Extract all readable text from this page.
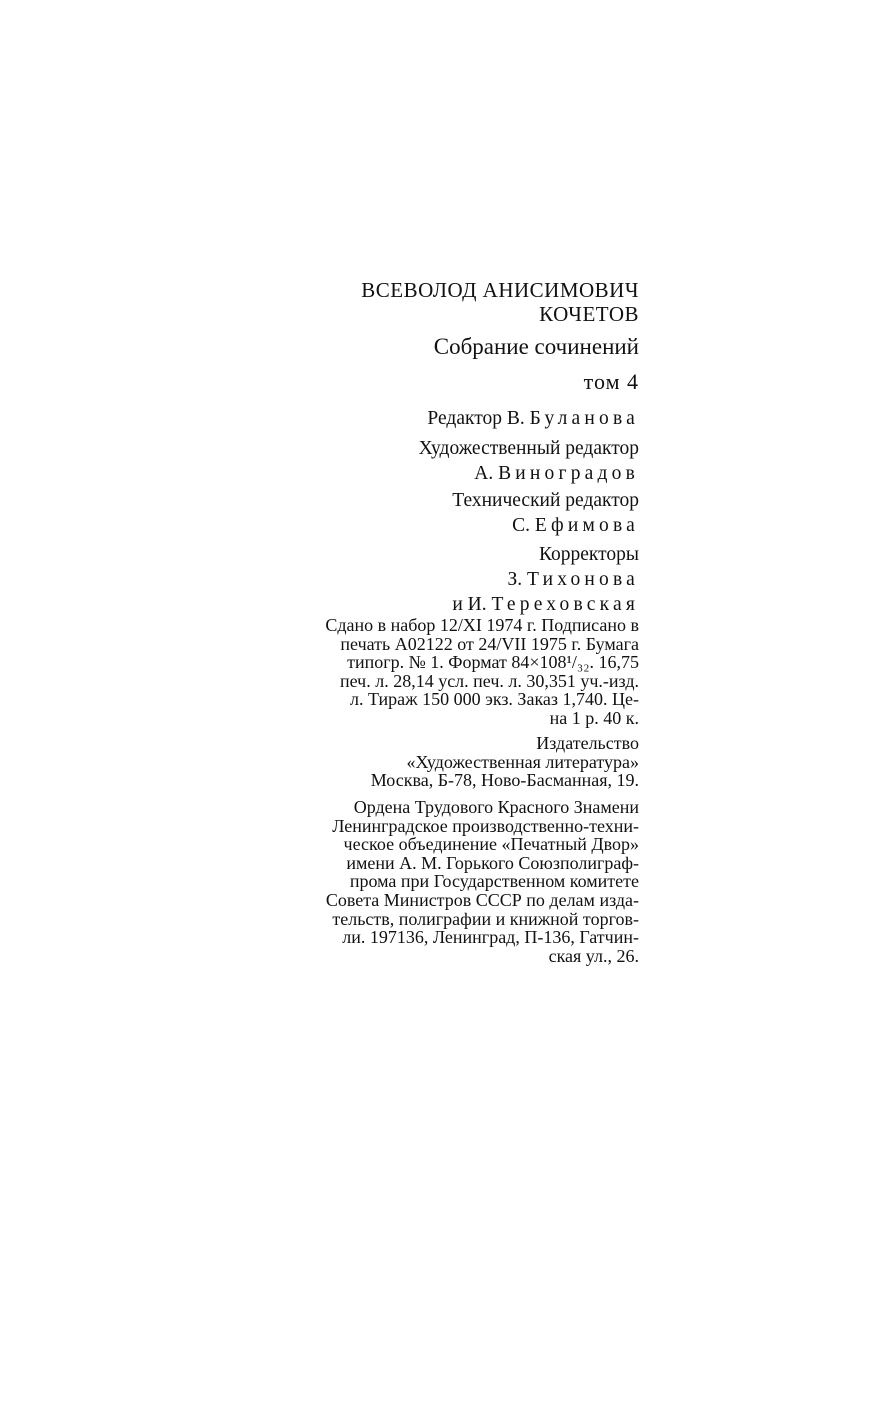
ВСЕВОЛОД АНИСИМОВИЧ
КОЧЕТОВ
Собрание сочинений
том 4
Редактор В. Буланова
Художественный редактор
А. Виноградов
Технический редактор
С. Ефимова
Корректоры
З. Тихонова
и И. Тереховская
Сдано в набор 12/XI 1974 г. Подписано в
печать А02122 от 24/VII 1975 г. Бумага
типогр. № 1. Формат 84×108¹/₃₂. 16,75
печ. л. 28,14 усл. печ. л. 30,351 уч.-изд.
л. Тираж 150 000 экз. Заказ 1,740. Це-
на 1 р. 40 к.
Издательство
«Художественная литература»
Москва, Б-78, Ново-Басманная, 19.
Ордена Трудового Красного Знамени
Ленинградское производственно-техни-
ческое объединение «Печатный Двор»
имени А. М. Горького Союзполиграф-
прома при Государственном комитете
Совета Министров СССР по делам изда-
тельств, полиграфии и книжной торгов-
ли. 197136, Ленинград, П-136, Гатчин-
ская ул., 26.
